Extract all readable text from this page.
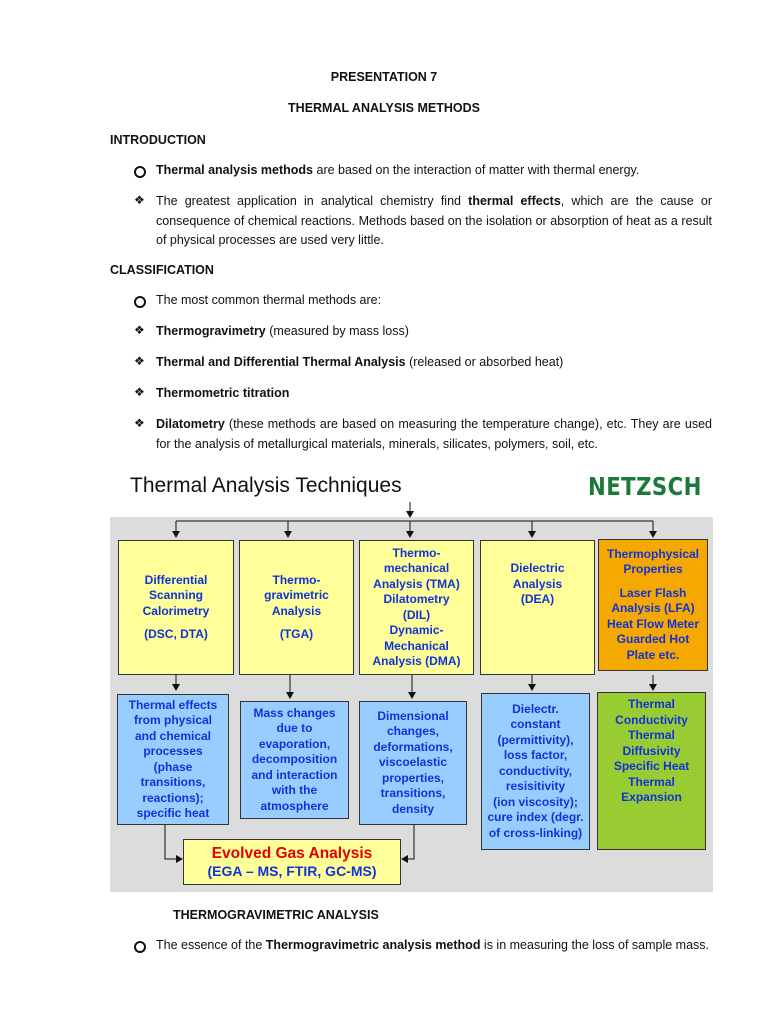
PRESENTATION 7
THERMAL ANALYSIS METHODS
INTRODUCTION
Thermal analysis methods are based on the interaction of matter with thermal energy.
❖ The greatest application in analytical chemistry find thermal effects, which are the cause or consequence of chemical reactions. Methods based on the isolation or absorption of heat as a result of physical processes are used very little.
CLASSIFICATION
The most common thermal methods are:
❖ Thermogravimetry (measured by mass loss)
❖ Thermal and Differential Thermal Analysis (released or absorbed heat)
❖ Thermometric titration
❖ Dilatometry (these methods are based on measuring the temperature change), etc. They are used for the analysis of metallurgical materials, minerals, silicates, polymers, soil, etc.
Thermal Analysis Techniques	NETZSCH
Differential
Scanning
Calorimetry
(DSC, DTA)
Thermo-
gravimetric
Analysis
(TGA)
Thermo-
mechanical
Analysis (TMA)
Dilatometry
(DIL)
Dynamic-
Mechanical
Analysis (DMA)
Dielectric
Analysis
(DEA)
Thermophysical
Properties
Laser Flash
Analysis (LFA)
Heat Flow Meter
Guarded Hot
Plate etc.
Thermal effects
from physical
and chemical
processes
(phase
transitions,
reactions);
specific heat
Mass changes
due to
evaporation,
decomposition
and interaction
with the
atmosphere
Dimensional
changes,
deformations,
viscoelastic
properties,
transitions,
density
Dielectr.
constant
(permittivity),
loss factor,
conductivity,
resisitivity
(ion viscosity);
cure index (degr.
of cross-linking)
Thermal
Conductivity
Thermal
Diffusivity
Specific Heat
Thermal
Expansion
Evolved Gas Analysis
(EGA – MS, FTIR, GC-MS)
THERMOGRAVIMETRIC ANALYSIS
The essence of the Thermogravimetric analysis method is in measuring the loss of sample mass.
